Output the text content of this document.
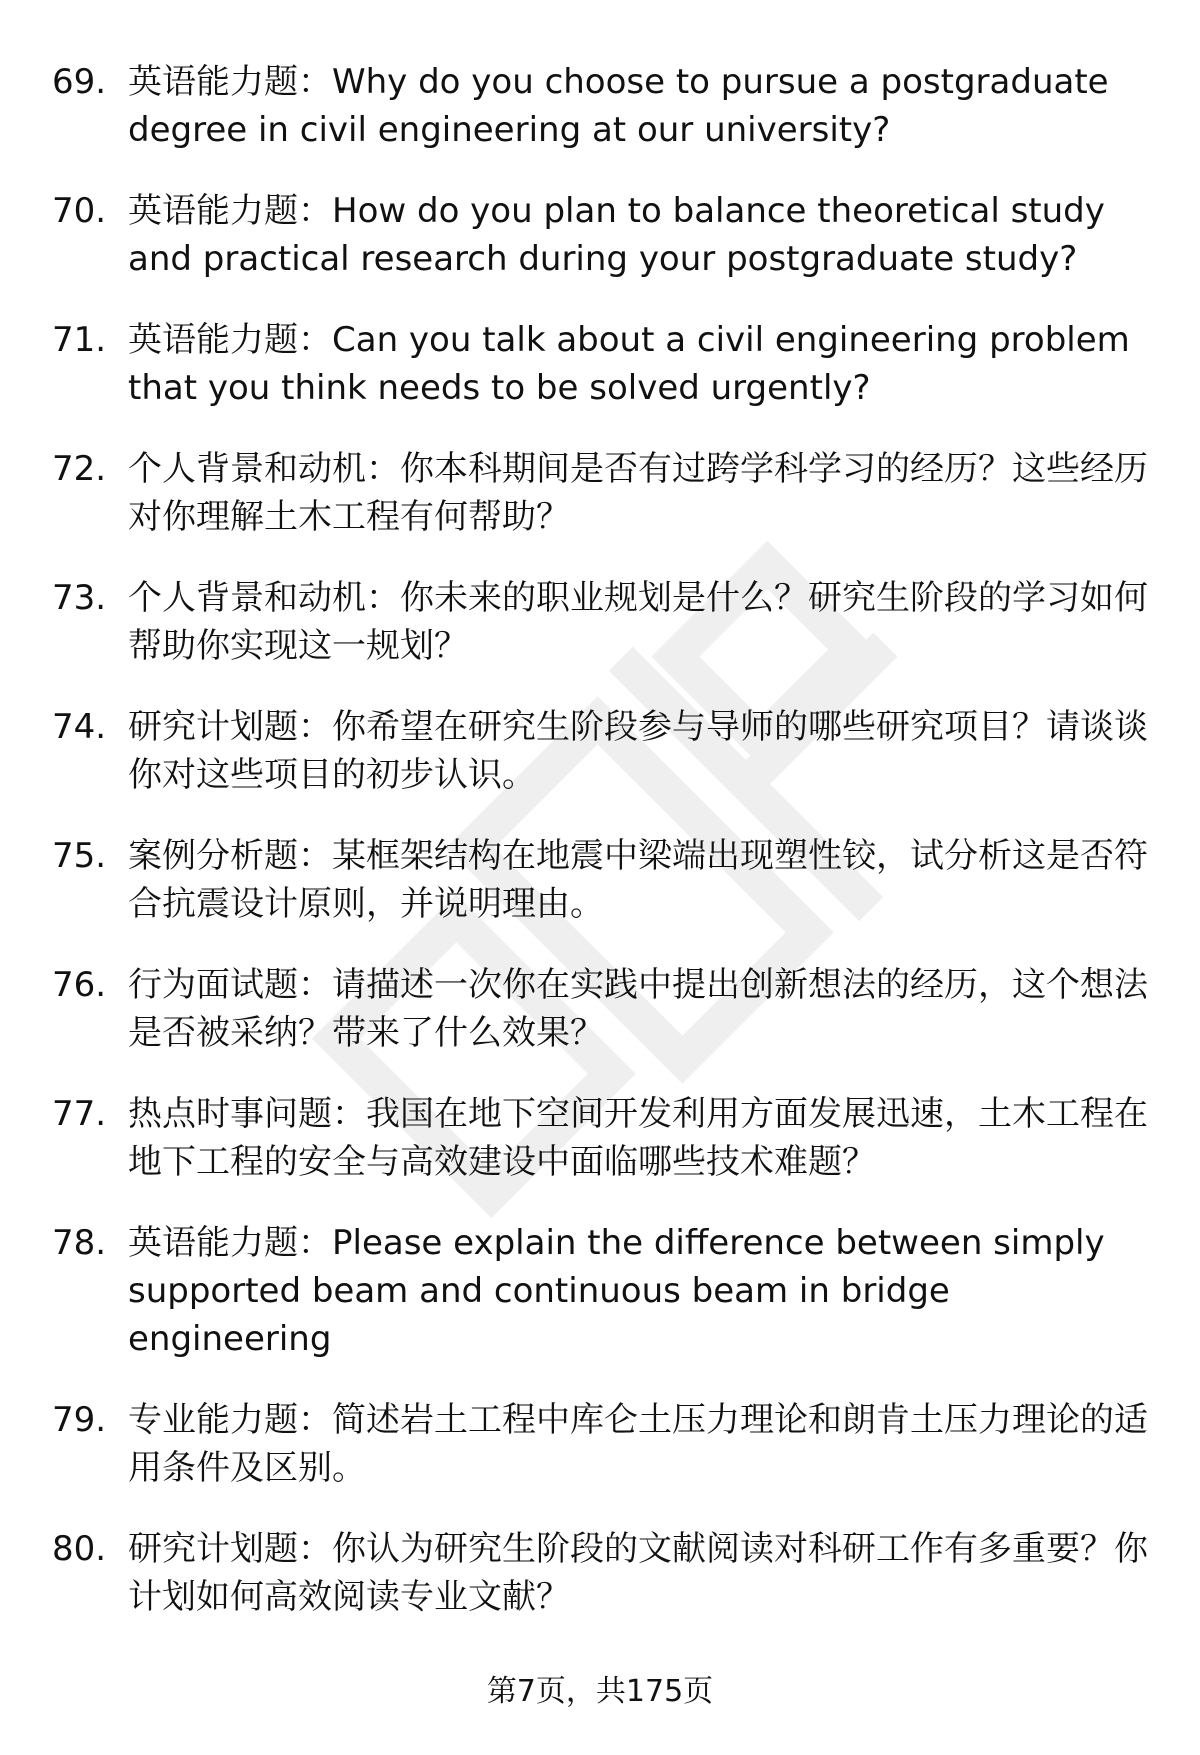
69. 英语能力题：Why do you choose to pursue a postgraduate degree in civil engineering at our university?
70. 英语能力题：How do you plan to balance theoretical study and practical research during your postgraduate study?
71. 英语能力题：Can you talk about a civil engineering problem that you think needs to be solved urgently?
72. 个人背景和动机：你本科期间是否有过跨学科学习的经历？这些经历对你理解土木工程有何帮助？
73. 个人背景和动机：你未来的职业规划是什么？研究生阶段的学习如何帮助你实现这一规划？
74. 研究计划题：你希望在研究生阶段参与导师的哪些研究项目？请谈谈你对这些项目的初步认识。
75. 案例分析题：某框架结构在地震中梁端出现塑性铰，试分析这是否符合抗震设计原则，并说明理由。
76. 行为面试题：请描述一次你在实践中提出创新想法的经历，这个想法是否被采纳？带来了什么效果？
77. 热点时事问题：我国在地下空间开发利用方面发展迅速，土木工程在地下工程的安全与高效建设中面临哪些技术难题？
78. 英语能力题：Please explain the difference between simply supported beam and continuous beam in bridge engineering
79. 专业能力题：简述岩土工程中库仑土压力理论和朗肯土压力理论的适用条件及区别。
80. 研究计划题：你认为研究生阶段的文献阅读对科研工作有多重要？你计划如何高效阅读专业文献？
第7页，共175页
